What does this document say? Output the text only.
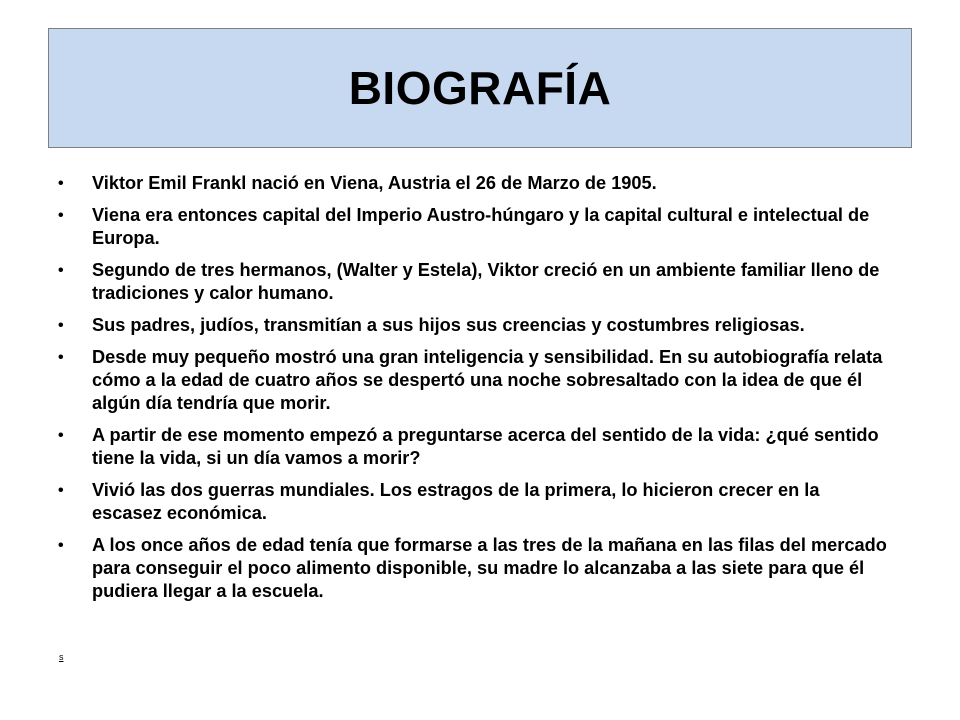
BIOGRAFÍA
• Viktor Emil Frankl nació en Viena, Austria el 26 de Marzo de 1905.
• Viena era entonces capital del Imperio Austro-húngaro y la capital cultural e intelectual de Europa.
• Segundo de tres hermanos, (Walter y Estela), Viktor creció en un ambiente familiar lleno de tradiciones y calor humano.
• Sus padres, judíos, transmitían a sus hijos sus creencias y costumbres religiosas.
• Desde muy pequeño mostró una gran inteligencia y sensibilidad. En su autobiografía relata cómo a la edad de cuatro años se despertó una noche sobresaltado con la idea de que él algún día tendría que morir.
• A partir de ese momento empezó a preguntarse acerca del sentido de la vida: ¿qué sentido tiene la vida, si un día vamos a morir?
• Vivió las dos guerras mundiales. Los estragos de la primera, lo hicieron crecer en la escasez económica.
• A los once años de edad tenía que formarse a las tres de la mañana en las filas del mercado para conseguir el poco alimento disponible, su madre lo alcanzaba a las siete para que él pudiera llegar a la escuela.
s
